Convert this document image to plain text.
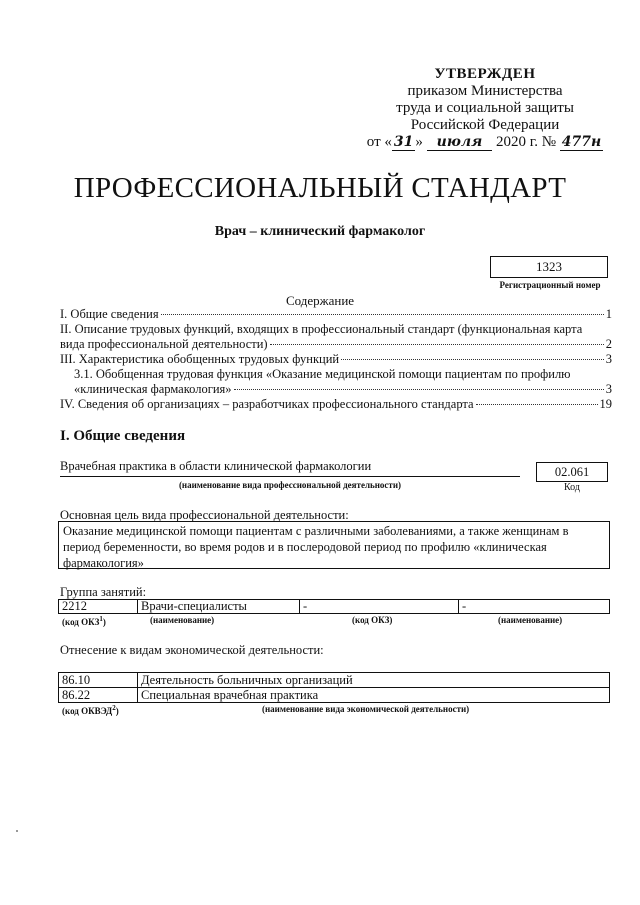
УТВЕРЖДЕН
приказом Министерства
труда и социальной защиты
Российской Федерации
от « 31 » июля 2020 г. № 477н
ПРОФЕССИОНАЛЬНЫЙ СТАНДАРТ
Врач – клинический фармаколог
1323
Регистрационный номер
Содержание
I. Общие сведения	1
II. Описание трудовых функций, входящих в профессиональный стандарт (функциональная карта
вида профессиональной деятельности)	2
III. Характеристика обобщенных трудовых функций	3
3.1. Обобщенная трудовая функция «Оказание медицинской помощи пациентам по профилю
«клиническая фармакология»	3
IV. Сведения об организациях – разработчиках профессионального стандарта	19
I. Общие сведения
Врачебная практика в области клинической фармакологии
(наименование вида профессиональной деятельности)
02.061
Код
Основная цель вида профессиональной деятельности:
Оказание медицинской помощи пациентам с различными заболеваниями, а также женщинам в период беременности, во время родов и в послеродовой период по профилю «клиническая фармакология»
Группа занятий:
2212	Врачи-специалисты	-	-
(код ОКЗ$^1$)	(наименование)	(код ОКЗ)	(наименование)
Отнесение к видам экономической деятельности:
86.10	Деятельность больничных организаций
86.22	Специальная врачебная практика
(код ОКВЭД$^2$)	(наименование вида экономической деятельности)
